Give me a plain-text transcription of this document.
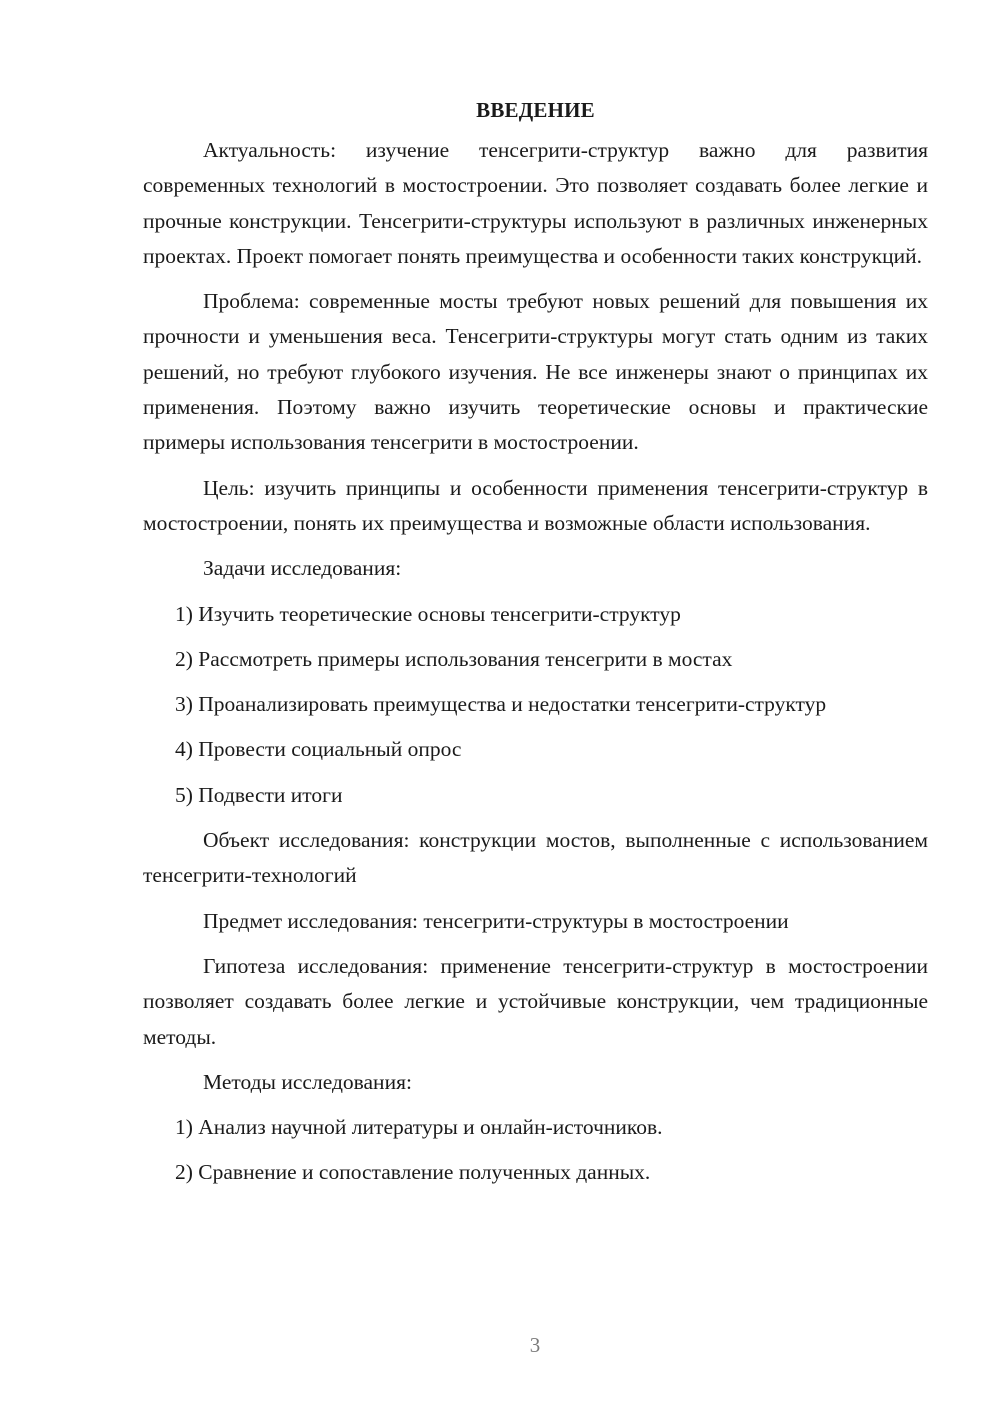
ВВЕДЕНИЕ

Актуальность: изучение тенсегрити-структур важно для развития современных технологий в мостостроении. Это позволяет создавать более легкие и прочные конструкции. Тенсегрити-структуры используют в различных инженерных проектах. Проект помогает понять преимущества и особенности таких конструкций.

Проблема: современные мосты требуют новых решений для повышения их прочности и уменьшения веса. Тенсегрити-структуры могут стать одним из таких решений, но требуют глубокого изучения. Не все инженеры знают о принципах их применения. Поэтому важно изучить теоретические основы и практические примеры использования тенсегрити в мостостроении.

Цель: изучить принципы и особенности применения тенсегрити-структур в мостостроении, понять их преимущества и возможные области использования.

Задачи исследования:

1) Изучить теоретические основы тенсегрити-структур
2) Рассмотреть примеры использования тенсегрити в мостах
3) Проанализировать преимущества и недостатки тенсегрити-структур
4) Провести социальный опрос
5) Подвести итоги

Объект исследования: конструкции мостов, выполненные с использованием тенсегрити-технологий

Предмет исследования: тенсегрити-структуры в мостостроении

Гипотеза исследования: применение тенсегрити-структур в мостостроении позволяет создавать более легкие и устойчивые конструкции, чем традиционные методы.

Методы исследования:

1) Анализ научной литературы и онлайн-источников.
2) Сравнение и сопоставление полученных данных.
3
